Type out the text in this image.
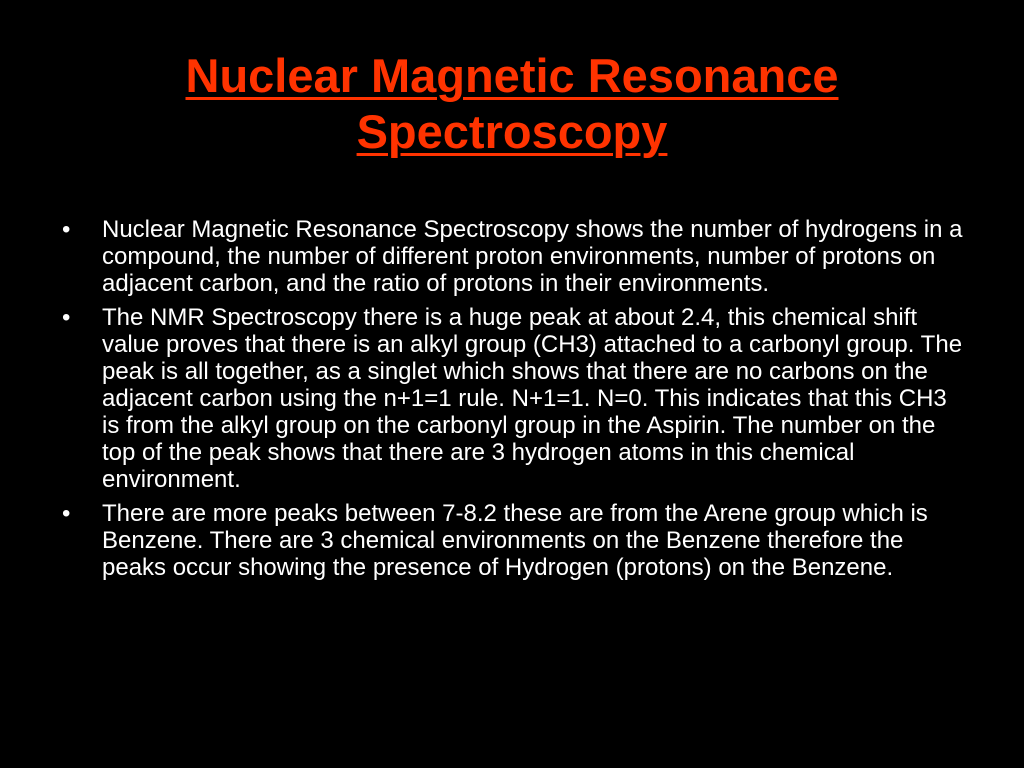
Nuclear Magnetic Resonance
Spectroscopy
• Nuclear Magnetic Resonance Spectroscopy shows the number of hydrogens in a compound, the number of different proton environments, number of protons on adjacent carbon, and the ratio of protons in their environments.
• The NMR Spectroscopy there is a huge peak at about 2.4, this chemical shift value proves that there is an alkyl group (CH3) attached to a carbonyl group. The peak is all together, as a singlet which shows that there are no carbons on the adjacent carbon using the n+1=1 rule. N+1=1. N=0. This indicates that this CH3 is from the alkyl group on the carbonyl group in the Aspirin. The number on the top of the peak shows that there are 3 hydrogen atoms in this chemical environment.
• There are more peaks between 7-8.2 these are from the Arene group which is Benzene. There are 3 chemical environments on the Benzene therefore the peaks occur showing the presence of Hydrogen (protons) on the Benzene.
